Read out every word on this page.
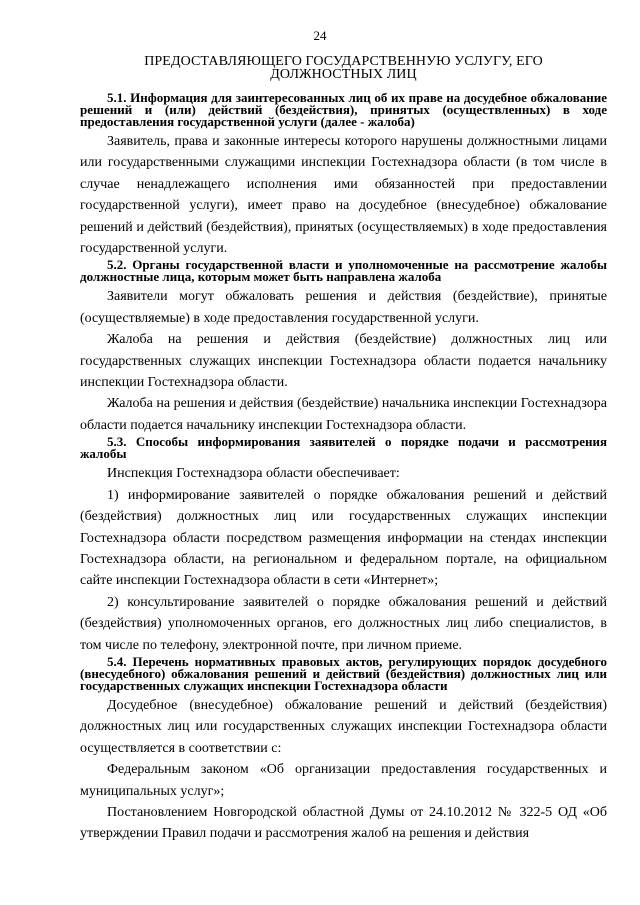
24
ПРЕДОСТАВЛЯЮЩЕГО ГОСУДАРСТВЕННУЮ УСЛУГУ, ЕГО
ДОЛЖНОСТНЫХ ЛИЦ
5.1. Информация для заинтересованных лиц об их праве на досудебное обжалование решений и (или) действий (бездействия), принятых (осуществленных) в ходе предоставления государственной услуги (далее - жалоба)

Заявитель, права и законные интересы которого нарушены должностными лицами или государственными служащими инспекции Гостехнадзора области (в том числе в случае ненадлежащего исполнения ими обязанностей при предоставлении государственной услуги), имеет право на досудебное (внесудебное) обжалование решений и действий (бездействия), принятых (осуществляемых) в ходе предоставления государственной услуги.

5.2. Органы государственной власти и уполномоченные на рассмотрение жалобы должностные лица, которым может быть направлена жалоба

Заявители могут обжаловать решения и действия (бездействие), принятые (осуществляемые) в ходе предоставления государственной услуги.

Жалоба на решения и действия (бездействие) должностных лиц или государственных служащих инспекции Гостехнадзора области подается начальнику инспекции Гостехнадзора области.

Жалоба на решения и действия (бездействие) начальника инспекции Гостехнадзора области подается начальнику инспекции Гостехнадзора области.

5.3. Способы информирования заявителей о порядке подачи и рассмотрения жалобы

Инспекция Гостехнадзора области обеспечивает:

1) информирование заявителей о порядке обжалования решений и действий (бездействия) должностных лиц или государственных служащих инспекции Гостехнадзора области посредством размещения информации на стендах инспекции Гостехнадзора области, на региональном и федеральном портале, на официальном сайте инспекции Гостехнадзора области в сети «Интернет»;

2) консультирование заявителей о порядке обжалования решений и действий (бездействия) уполномоченных органов, его должностных лиц либо специалистов, в том числе по телефону, электронной почте, при личном приеме.

5.4. Перечень нормативных правовых актов, регулирующих порядок досудебного (внесудебного) обжалования решений и действий (бездействия) должностных лиц или государственных служащих инспекции Гостехнадзора области

Досудебное (внесудебное) обжалование решений и действий (бездействия) должностных лиц или государственных служащих инспекции Гостехнадзора области осуществляется в соответствии с:

Федеральным законом «Об организации предоставления государственных и муниципальных услуг»;

Постановлением Новгородской областной Думы от 24.10.2012 № 322-5 ОД «Об утверждении Правил подачи и рассмотрения жалоб на решения и действия
